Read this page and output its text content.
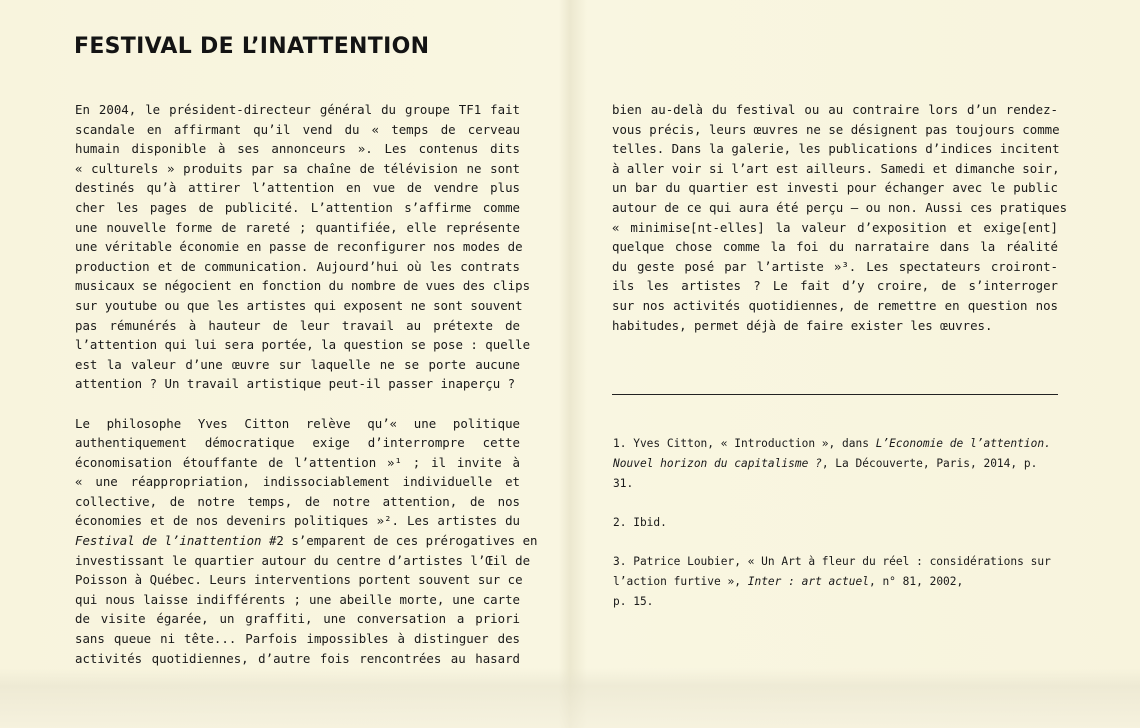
FESTIVAL DE L’INATTENTION

En 2004, le président-directeur général du groupe TF1 fait
scandale en affirmant qu’il vend du « temps de cerveau
humain disponible à ses annonceurs ». Les contenus dits
« culturels » produits par sa chaîne de télévision ne sont
destinés qu’à attirer l’attention en vue de vendre plus
cher les pages de publicité. L’attention s’affirme comme
une nouvelle forme de rareté ; quantifiée, elle représente
une véritable économie en passe de reconfigurer nos modes de
production et de communication. Aujourd’hui où les contrats
musicaux se négocient en fonction du nombre de vues des clips
sur youtube ou que les artistes qui exposent ne sont souvent
pas rémunérés à hauteur de leur travail au prétexte de
l’attention qui lui sera portée, la question se pose : quelle
est la valeur d’une œuvre sur laquelle ne se porte aucune
attention ? Un travail artistique peut-il passer inaperçu ?

Le philosophe Yves Citton relève qu’« une politique
authentiquement démocratique exige d’interrompre cette
économisation étouffante de l’attention »¹ ; il invite à
« une réappropriation, indissociablement individuelle et
collective, de notre temps, de notre attention, de nos
économies et de nos devenirs politiques »². Les artistes du
Festival de l’inattention #2 s’emparent de ces prérogatives en
investissant le quartier autour du centre d’artistes l’Œil de
Poisson à Québec. Leurs interventions portent souvent sur ce
qui nous laisse indifférents ; une abeille morte, une carte
de visite égarée, un graffiti, une conversation a priori
sans queue ni tête... Parfois impossibles à distinguer des
activités quotidiennes, d’autre fois rencontrées au hasard

bien au-delà du festival ou au contraire lors d’un rendez-
vous précis, leurs œuvres ne se désignent pas toujours comme
telles. Dans la galerie, les publications d’indices incitent
à aller voir si l’art est ailleurs. Samedi et dimanche soir,
un bar du quartier est investi pour échanger avec le public
autour de ce qui aura été perçu – ou non. Aussi ces pratiques
« minimise[nt-elles] la valeur d’exposition et exige[ent]
quelque chose comme la foi du narrataire dans la réalité
du geste posé par l’artiste »³. Les spectateurs croiront-
ils les artistes ? Le fait d’y croire, de s’interroger
sur nos activités quotidiennes, de remettre en question nos
habitudes, permet déjà de faire exister les œuvres.

1. Yves Citton, « Introduction », dans L’Economie de l’attention.
Nouvel horizon du capitalisme ?, La Découverte, Paris, 2014, p. 31.
2. Ibid.
3. Patrice Loubier, « Un Art à fleur du réel : considérations sur
l’action furtive », Inter : art actuel, n° 81, 2002,
p. 15.
